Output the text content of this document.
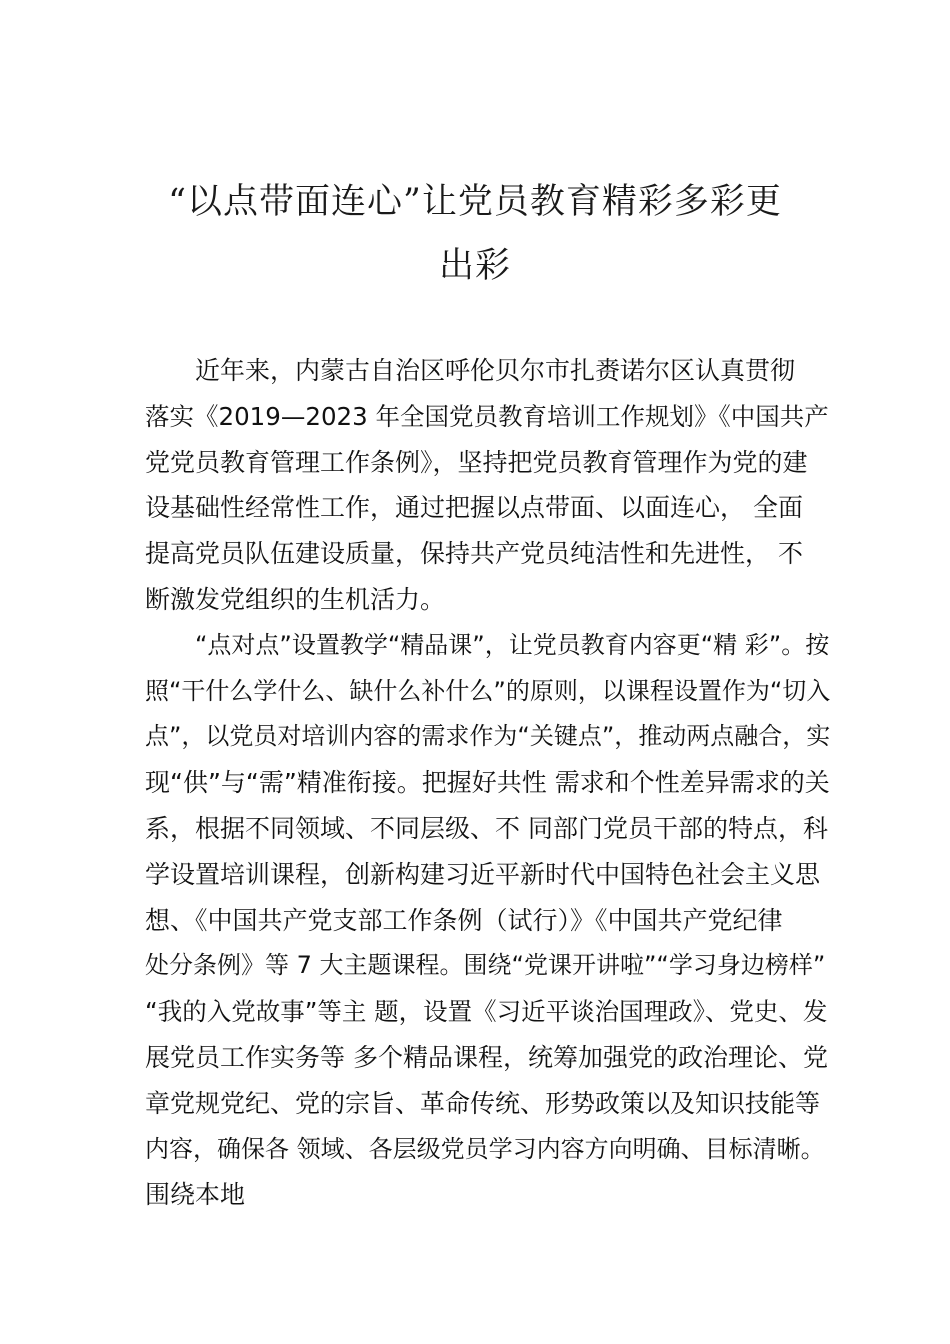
“以点带面连心”让党员教育精彩多彩更
出彩
近年来，内蒙古自治区呼伦贝尔市扎赉诺尔区认真贯彻
落实《2019—2023 年全国党员教育培训工作规划》《中国共产
党党员教育管理工作条例》，坚持把党员教育管理作为党的建
设基础性经常性工作，通过把握以点带面、以面连心， 全面
提高党员队伍建设质量，保持共产党员纯洁性和先进性， 不
断激发党组织的生机活力。
“点对点”设置教学“精品课”，让党员教育内容更“精 彩”。按
照“干什么学什么、缺什么补什么”的原则，以课程设置作为“切入
点”，以党员对培训内容的需求作为“关键点”，推动两点融合，实
现“供”与“需”精准衔接。把握好共性 需求和个性差异需求的关
系，根据不同领域、不同层级、不 同部门党员干部的特点，科
学设置培训课程，创新构建习近平新时代中国特色社会主义思
想、《中国共产党支部工作条例（试行）》《中国共产党纪律
处分条例》等 7 大主题课程。围绕“党课开讲啦”“学习身边榜样”
“我的入党故事”等主 题，设置《习近平谈治国理政》、党史、发
展党员工作实务等 多个精品课程，统筹加强党的政治理论、党
章党规党纪、党的宗旨、革命传统、形势政策以及知识技能等
内容，确保各 领域、各层级党员学习内容方向明确、目标清晰。
围绕本地
